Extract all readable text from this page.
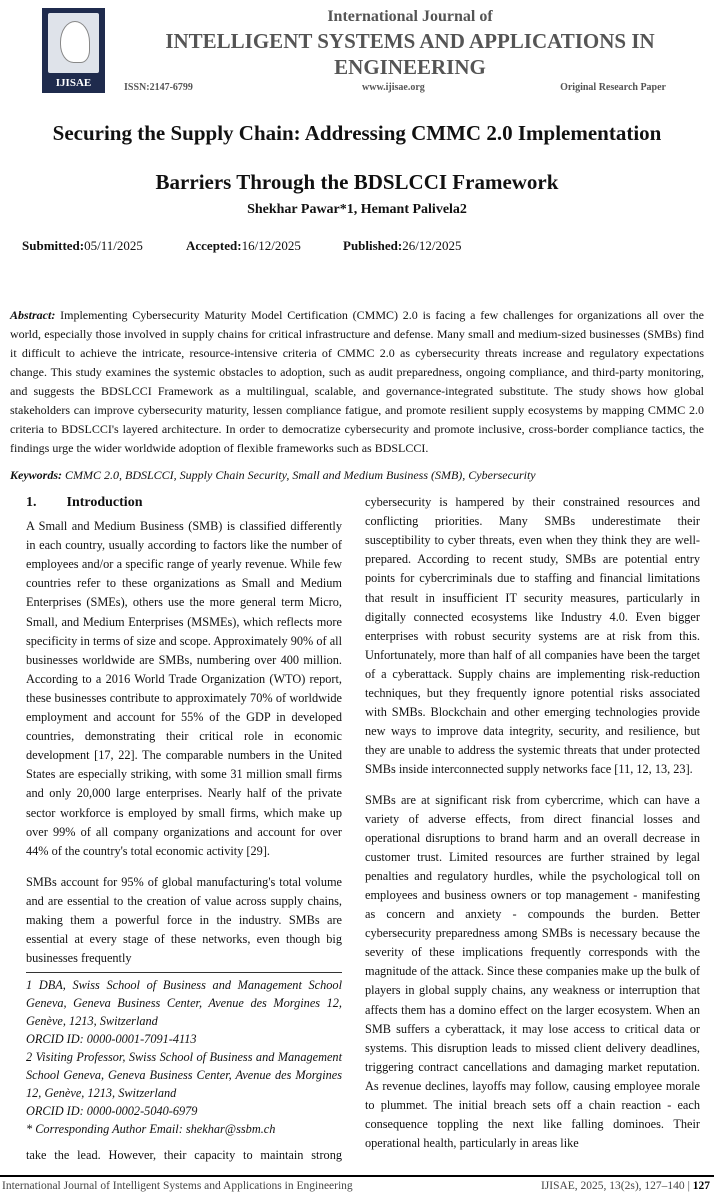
IJISAE
International Journal of
INTELLIGENT SYSTEMS AND APPLICATIONS IN
ENGINEERING
ISSN:2147-6799	www.ijisae.org	Original Research Paper
Securing the Supply Chain: Addressing CMMC 2.0 Implementation
Barriers Through the BDSLCCI Framework
Shekhar Pawar*1, Hemant Palivela2
Submitted:05/11/2025	Accepted:16/12/2025	Published:26/12/2025

Abstract: Implementing Cybersecurity Maturity Model Certification (CMMC) 2.0 is facing a few challenges for organizations all over the world, especially those involved in supply chains for critical infrastructure and defense. Many small and medium-sized businesses (SMBs) find it difficult to achieve the intricate, resource-intensive criteria of CMMC 2.0 as cybersecurity threats increase and regulatory expectations change. This study examines the systemic obstacles to adoption, such as audit preparedness, ongoing compliance, and third-party monitoring, and suggests the BDSLCCI Framework as a multilingual, scalable, and governance-integrated substitute. The study shows how global stakeholders can improve cybersecurity maturity, lessen compliance fatigue, and promote resilient supply ecosystems by mapping CMMC 2.0 criteria to BDSLCCI's layered architecture. In order to democratize cybersecurity and promote inclusive, cross-border compliance tactics, the findings urge the wider worldwide adoption of flexible frameworks such as BDSLCCI.

Keywords: CMMC 2.0, BDSLCCI, Supply Chain Security, Small and Medium Business (SMB), Cybersecurity

1. Introduction

A Small and Medium Business (SMB) is classified differently in each country, usually according to factors like the number of employees and/or a specific range of yearly revenue. While few countries refer to these organizations as Small and Medium Enterprises (SMEs), others use the more general term Micro, Small, and Medium Enterprises (MSMEs), which reflects more specificity in terms of size and scope. Approximately 90% of all businesses worldwide are SMBs, numbering over 400 million. According to a 2016 World Trade Organization (WTO) report, these businesses contribute to approximately 70% of worldwide employment and account for 55% of the GDP in developed countries, demonstrating their critical role in economic development [17, 22]. The comparable numbers in the United States are especially striking, with some 31 million small firms and only 20,000 large enterprises. Nearly half of the private sector workforce is employed by small firms, which make up over 99% of all company organizations and account for over 44% of the country's total economic activity [29].

SMBs account for 95% of global manufacturing's total volume and are essential to the creation of value across supply chains, making them a powerful force in the industry. SMBs are essential at every stage of these networks, even though big businesses frequently

1 DBA, Swiss School of Business and Management School Geneva, Geneva Business Center, Avenue des Morgines 12, Genève, 1213, Switzerland

ORCID ID: 0000-0001-7091-4113

2 Visiting Professor, Swiss School of Business and Management School Geneva, Geneva Business Center, Avenue des Morgines 12, Genève, 1213, Switzerland

ORCID ID: 0000-0002-5040-6979

* Corresponding Author Email: shekhar@ssbm.ch

take the lead. However, their capacity to maintain strong

cybersecurity is hampered by their constrained resources and conflicting priorities. Many SMBs underestimate their susceptibility to cyber threats, even when they think they are well-prepared. According to recent study, SMBs are potential entry points for cybercriminals due to staffing and financial limitations that result in insufficient IT security measures, particularly in digitally connected ecosystems like Industry 4.0. Even bigger enterprises with robust security systems are at risk from this. Unfortunately, more than half of all companies have been the target of a cyberattack. Supply chains are implementing risk-reduction techniques, but they frequently ignore potential risks associated with SMBs. Blockchain and other emerging technologies provide new ways to improve data integrity, security, and resilience, but they are unable to address the systemic threats that under protected SMBs inside interconnected supply networks face [11, 12, 13, 23].

SMBs are at significant risk from cybercrime, which can have a variety of adverse effects, from direct financial losses and operational disruptions to brand harm and an overall decrease in customer trust. Limited resources are further strained by legal penalties and regulatory hurdles, while the psychological toll on employees and business owners or top management - manifesting as concern and anxiety - compounds the burden. Better cybersecurity preparedness among SMBs is necessary because the severity of these implications frequently corresponds with the magnitude of the attack. Since these companies make up the bulk of players in global supply chains, any weakness or interruption that affects them has a domino effect on the larger ecosystem. When an SMB suffers a cyberattack, it may lose access to critical data or systems. This disruption leads to missed client delivery deadlines, triggering contract cancellations and damaging market reputation. As revenue declines, layoffs may follow, causing employee morale to plummet. The initial breach sets off a chain reaction - each consequence toppling the next like falling dominoes. Their operational health, particularly in areas like

International Journal of Intelligent Systems and Applications in Engineering	IJISAE, 2025, 13(2s), 127–140 | 127
